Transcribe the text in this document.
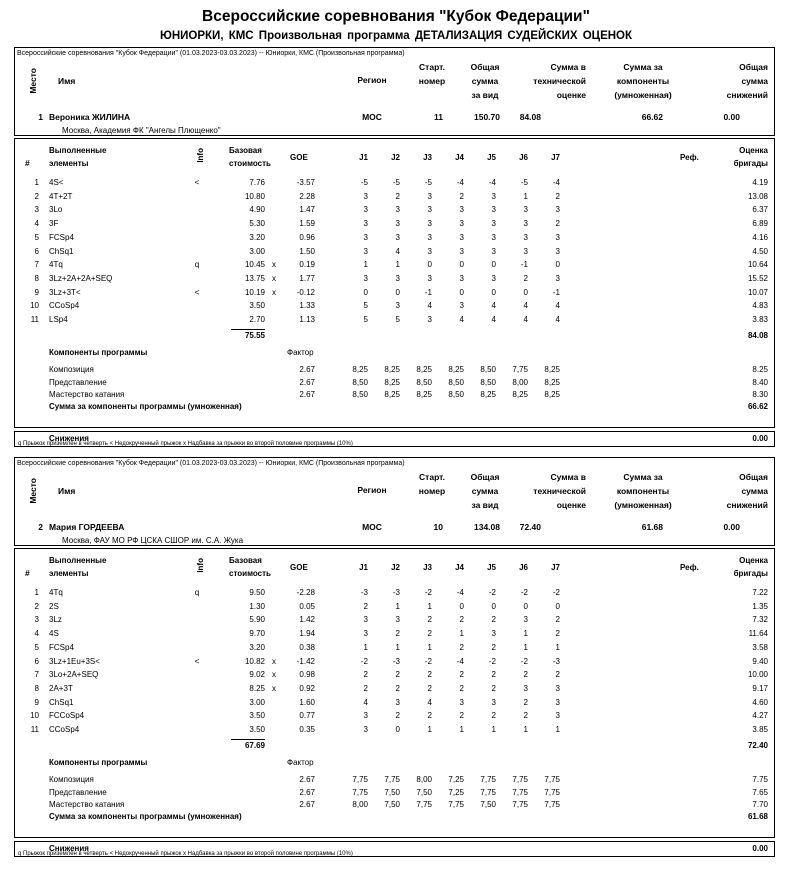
Всероссийские соревнования "Кубок Федерации"
ЮНИОРКИ, КМС Произвольная программа ДЕТАЛИЗАЦИЯ СУДЕЙСКИХ ОЦЕНОК
Всероссийские соревнования "Кубок Федерации" (01.03.2023-03.03.2023) -- Юниорки, КМС (Произвольная программа)
Место Имя	Регион
Старт.
номер
Общая
сумма
за вид
Сумма в
технической
оценке
Сумма за
компоненты
(умноженная)
Общая
сумма
снижений
1 Вероника ЖИЛИНА
Москва, Академия ФК "Ангелы Плющенко"
МОС	11	150.70	84.08	66.62	0.00
#
Выполненные
элементы
Info	Базовая
стоимость
GOE	J1	J2	J3	J4	J5	J6	J7	Реф.
Оценка
бригады
1 4S<	<	7.76	-3.57	-5	-5	-5	-4	-4	-5	-4	4.19
2 4T+2T	10.80	2.28	3	2	3	2	3	1	2	13.08
3 3Lo	4.90	1.47	3	3	3	3	3	3	3	6.37
4 3F	5.30	1.59	3	3	3	3	3	3	2	6.89
5 FCSp4	3.20	0.96	3	3	3	3	3	3	3	4.16
6 ChSq1	3.00	1.50	3	4	3	3	3	3	3	4.50
7 4Tq	q	10.45 x	0.19	1	1	0	0	0	-1	0	10.64
8 3Lz+2A+2A+SEQ	13.75 x	1.77	3	3	3	3	3	2	3	15.52
9 3Lz+3T<	<	10.19 x	-0.12	0	0	-1	0	0	0	-1	10.07
10 CCoSp4	3.50	1.33	5	3	4	3	4	4	4	4.83
11 LSp4	2.70	1.13	5	5	3	4	4	4	4	3.83
75.55	84.08
Компоненты программы	Фактор
Композиция	2.67	8,25	8,25	8,25	8,25	8,50	7,75	8,25	8.25
Представление	2.67	8,50	8,25	8,50	8,50	8,50	8,00	8,25	8.40
Мастерство катания	2.67	8,50	8,25	8,25	8,50	8,25	8,25	8,25	8.30
Сумма за компоненты программы (умноженная)	66.62
Снижения	0.00
q Прыжок приземлён в четверть < Недокрученный прыжок x Надбавка за прыжки во второй половине программы (10%)
Всероссийские соревнования "Кубок Федерации" (01.03.2023-03.03.2023) -- Юниорки, КМС (Произвольная программа)
Место Имя	Регион
Старт.
номер
Общая
сумма
за вид
Сумма в
технической
оценке
Сумма за
компоненты
(умноженная)
Общая
сумма
снижений
2 Мария ГОРДЕЕВА
Москва, ФАУ МО РФ ЦСКА СШОР им. С.А. Жука
МОС	10	134.08	72.40	61.68	0.00
#
Выполненные
элементы
Info	Базовая
стоимость
GOE	J1	J2	J3	J4	J5	J6	J7	Реф.
Оценка
бригады
1 4Tq	q	9.50	-2.28	-3	-3	-2	-4	-2	-2	-2	7.22
2 2S	1.30	0.05	2	1	1	0	0	0	0	1.35
3 3Lz	5.90	1.42	3	3	2	2	2	3	2	7.32
4 4S	9.70	1.94	3	2	2	1	3	1	2	11.64
5 FCSp4	3.20	0.38	1	1	1	2	2	1	1	3.58
6 3Lz+1Eu+3S<	<	10.82 x	-1.42	-2	-3	-2	-4	-2	-2	-3	9.40
7 3Lo+2A+SEQ	9.02 x	0.98	2	2	2	2	2	2	2	10.00
8 2A+3T	8.25 x	0.92	2	2	2	2	2	3	3	9.17
9 ChSq1	3.00	1.60	4	3	4	3	3	2	3	4.60
10 FCCoSp4	3.50	0.77	3	2	2	2	2	2	3	4.27
11 CCoSp4	3.50	0.35	3	0	1	1	1	1	1	3.85
67.69	72.40
Компоненты программы	Фактор
Композиция	2.67	7,75	7,75	8,00	7,25	7,75	7,75	7,75	7.75
Представление	2.67	7,75	7,50	7,50	7,25	7,75	7,75	7,75	7.65
Мастерство катания	2.67	8,00	7,50	7,75	7,75	7,50	7,75	7,75	7.70
Сумма за компоненты программы (умноженная)	61.68
Снижения	0.00
q Прыжок приземлён в четверть < Недокрученный прыжок x Надбавка за прыжки во второй половине программы (10%)
